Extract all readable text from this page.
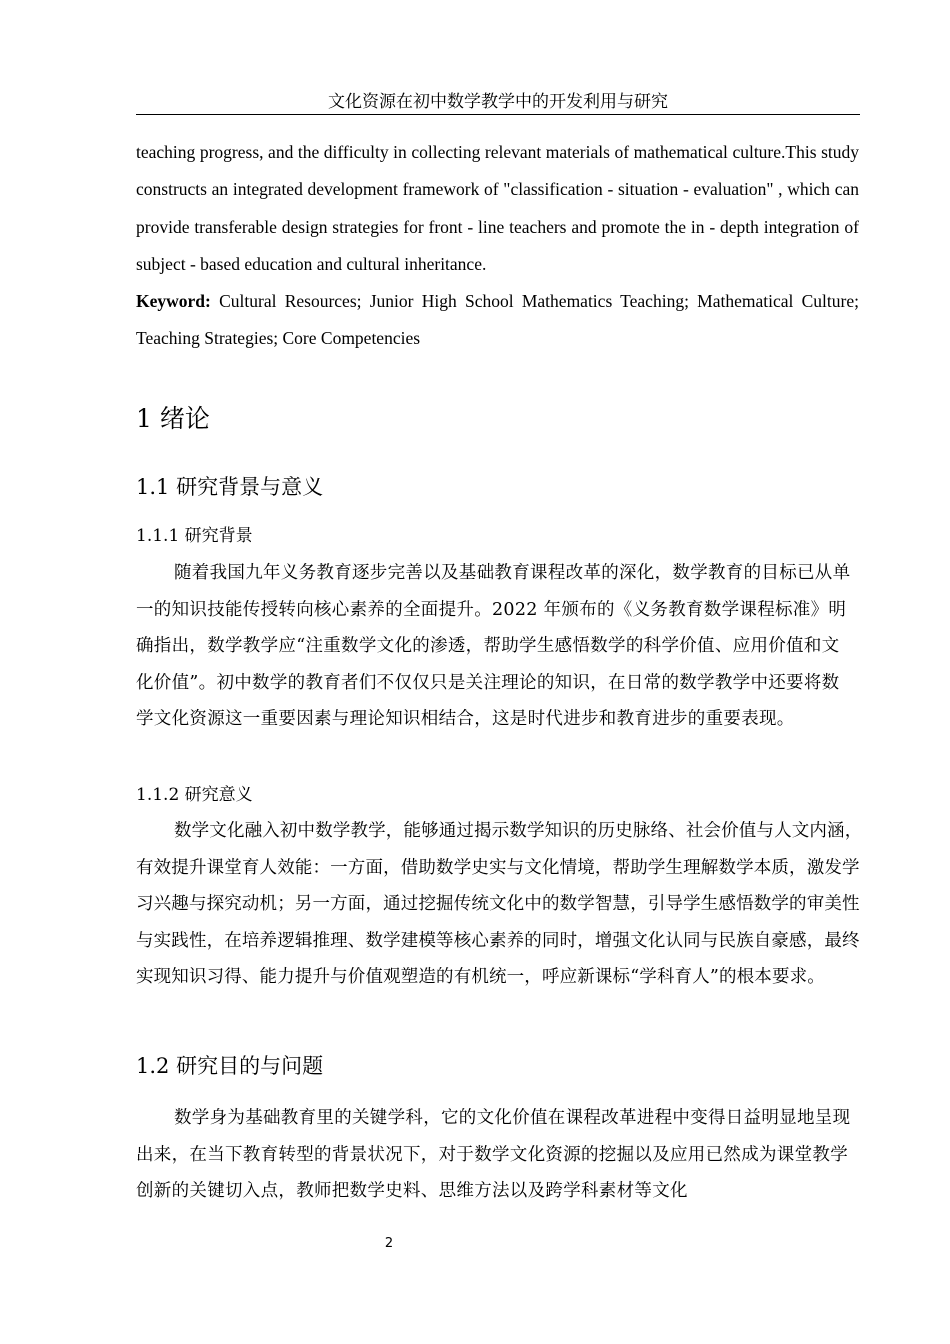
文化资源在初中数学教学中的开发利用与研究

teaching progress, and the difficulty in collecting relevant materials of mathematical culture.This study constructs an integrated development framework of "classification - situation - evaluation" , which can provide transferable design strategies for front - line teachers and promote the in - depth integration of subject - based education and cultural inheritance.

Keyword: Cultural Resources; Junior High School Mathematics Teaching; Mathematical Culture; Teaching Strategies; Core Competencies

1 绪论
1.1 研究背景与意义
1.1.1 研究背景

随着我国九年义务教育逐步完善以及基础教育课程改革的深化，数学教育的目标已从单一的知识技能传授转向核心素养的全面提升。2022 年颁布的《义务教育数学课程标准》明确指出，数学教学应“注重数学文化的渗透，帮助学生感悟数学的科学价值、应用价值和文化价值”。初中数学的教育者们不仅仅只是关注理论的知识，在日常的数学教学中还要将数学文化资源这一重要因素与理论知识相结合，这是时代进步和教育进步的重要表现。

1.1.2 研究意义

数学文化融入初中数学教学，能够通过揭示数学知识的历史脉络、社会价值与人文内涵，有效提升课堂育人效能：一方面，借助数学史实与文化情境，帮助学生理解数学本质，激发学习兴趣与探究动机；另一方面，通过挖掘传统文化中的数学智慧，引导学生感悟数学的审美性与实践性，在培养逻辑推理、数学建模等核心素养的同时，增强文化认同与民族自豪感，最终实现知识习得、能力提升与价值观塑造的有机统一，呼应新课标“学科育人”的根本要求。

1.2 研究目的与问题

数学身为基础教育里的关键学科，它的文化价值在课程改革进程中变得日益明显地呈现出来，在当下教育转型的背景状况下，对于数学文化资源的挖掘以及应用已然成为课堂教学创新的关键切入点，教师把数学史料、思维方法以及跨学科素材等文化

2
